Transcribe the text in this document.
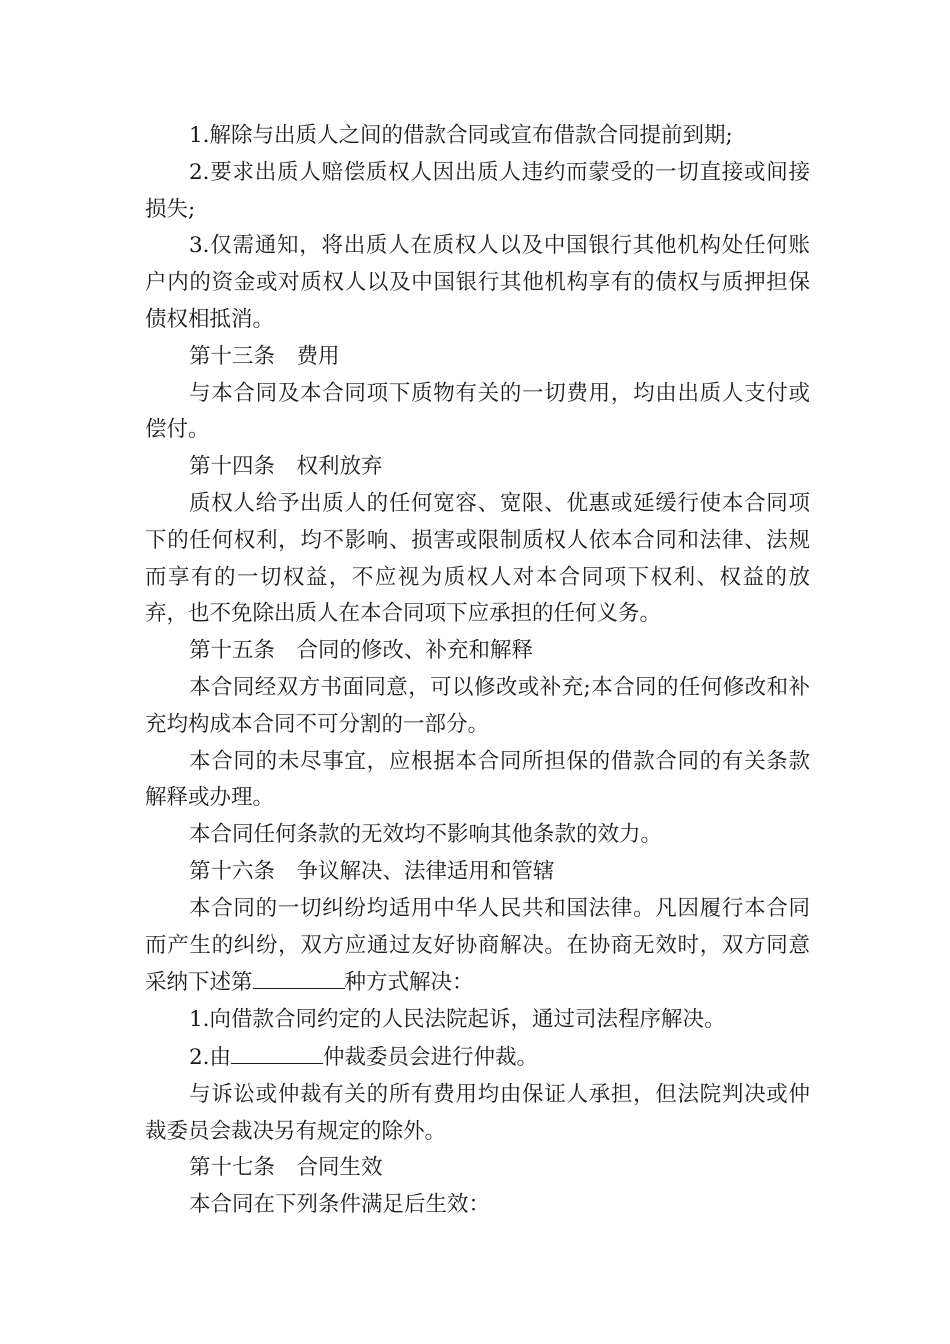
1.解除与出质人之间的借款合同或宣布借款合同提前到期;

2.要求出质人赔偿质权人因出质人违约而蒙受的一切直接或间接损失;

3.仅需通知，将出质人在质权人以及中国银行其他机构处任何账户内的资金或对质权人以及中国银行其他机构享有的债权与质押担保债权相抵消。

第十三条　费用

与本合同及本合同项下质物有关的一切费用，均由出质人支付或偿付。

第十四条　权利放弃

质权人给予出质人的任何宽容、宽限、优惠或延缓行使本合同项下的任何权利，均不影响、损害或限制质权人依本合同和法律、法规而享有的一切权益，不应视为质权人对本合同项下权利、权益的放弃，也不免除出质人在本合同项下应承担的任何义务。

第十五条　合同的修改、补充和解释

本合同经双方书面同意，可以修改或补充;本合同的任何修改和补充均构成本合同不可分割的一部分。

本合同的未尽事宜，应根据本合同所担保的借款合同的有关条款解释或办理。

本合同任何条款的无效均不影响其他条款的效力。

第十六条　争议解决、法律适用和管辖

本合同的一切纠纷均适用中华人民共和国法律。凡因履行本合同而产生的纠纷，双方应通过友好协商解决。在协商无效时，双方同意采纳下述第	种方式解决：

1.向借款合同约定的人民法院起诉，通过司法程序解决。

2.由	仲裁委员会进行仲裁。

与诉讼或仲裁有关的所有费用均由保证人承担，但法院判决或仲裁委员会裁决另有规定的除外。

第十七条　合同生效

本合同在下列条件满足后生效：
